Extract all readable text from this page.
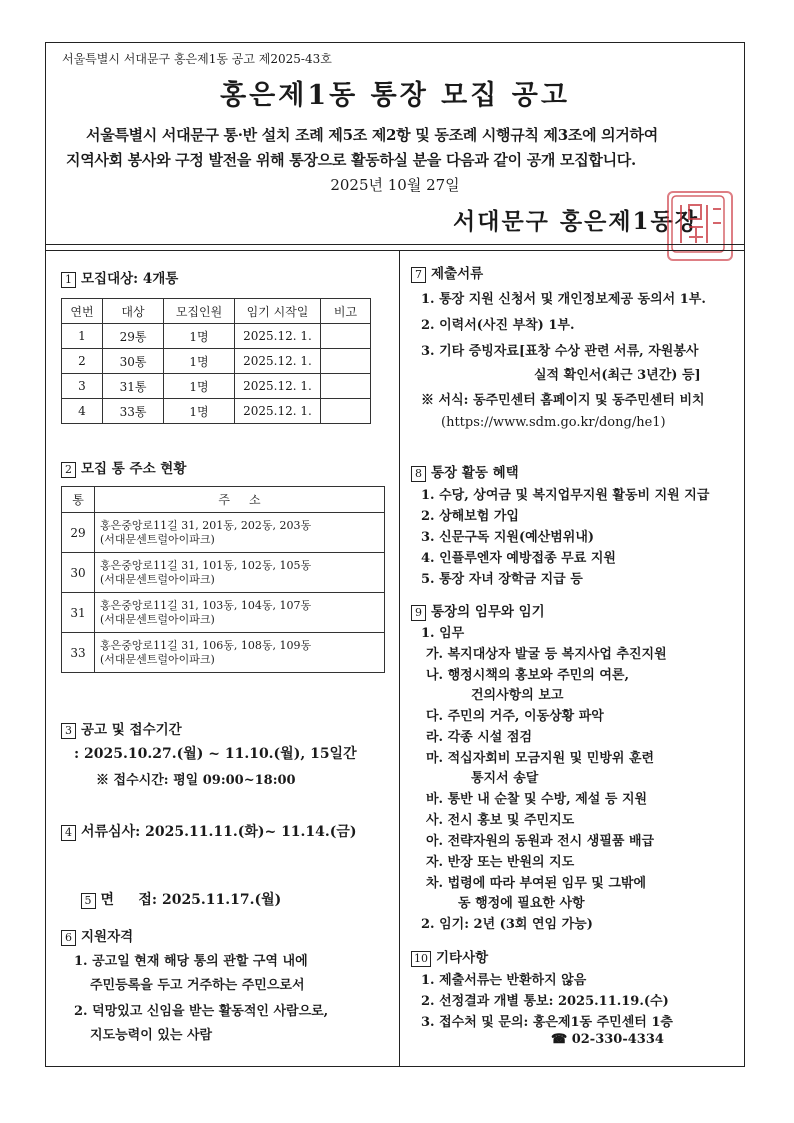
서울특별시 서대문구 홍은제1동 공고 제2025-43호
홍은제1동 통장 모집 공고
서울특별시 서대문구 통·반 설치 조례 제5조 제2항 및 동조례 시행규칙 제3조에 의거하여
지역사회 봉사와 구정 발전을 위해 통장으로 활동하실 분을 다음과 같이 공개 모집합니다.
2025년 10월 27일
서대문구 홍은제1동장
1 모집대상: 4개통
연번	대상	모집인원	임기 시작일	비고
1	29통	1명	2025.12. 1.	
2	30통	1명	2025.12. 1.	
3	31통	1명	2025.12. 1.	
4	33통	1명	2025.12. 1.	
2 모집 통 주소 현황
통	주     소
29	홍은중앙로11길 31, 201동, 202동, 203동
(서대문센트럴아이파크)

30	홍은중앙로11길 31, 101동, 102동, 105동
(서대문센트럴아이파크)

31	홍은중앙로11길 31, 103동, 104동, 107동
(서대문센트럴아이파크)

33	홍은중앙로11길 31, 106동, 108동, 109동
(서대문센트럴아이파크)
3 공고 및 접수기간
: 2025.10.27.(월) ~ 11.10.(월), 15일간
※ 접수시간: 평일 09:00~18:00
4 서류심사: 2025.11.11.(화)~ 11.14.(금)

5 면     접: 2025.11.17.(월)

6 지원자격
1. 공고일 현재 해당 통의 관할 구역 내에
주민등록을 두고 거주하는 주민으로서
2. 덕망있고 신임을 받는 활동적인 사람으로,
지도능력이 있는 사람
7 제출서류
1. 통장 지원 신청서 및 개인정보제공 동의서 1부.
2. 이력서(사진 부착) 1부.
3. 기타 증빙자료[표창 수상 관련 서류, 자원봉사
실적 확인서(최근 3년간) 등]
※ 서식: 동주민센터 홈페이지 및 동주민센터 비치
(https://www.sdm.go.kr/dong/he1)
8 통장 활동 혜택
1. 수당, 상여금 및 복지업무지원 활동비 지원 지급
2. 상해보험 가입
3. 신문구독 지원(예산범위내)
4. 인플루엔자 예방접종 무료 지원
5. 통장 자녀 장학금 지급 등
9 통장의 임무와 임기
1. 임무
가. 복지대상자 발굴 등 복지사업 추진지원
나. 행정시책의 홍보와 주민의 여론,
건의사항의 보고
다. 주민의 거주, 이동상황 파악
라. 각종 시설 점검
마. 적십자회비 모금지원 및 민방위 훈련
통지서 송달
바. 통반 내 순찰 및 수방, 제설 등 지원
사. 전시 홍보 및 주민지도
아. 전략자원의 동원과 전시 생필품 배급
자. 반장 또는 반원의 지도
차. 법령에 따라 부여된 임무 및 그밖에
동 행정에 필요한 사항
2. 임기: 2년 (3회 연임 가능)
10 기타사항
1. 제출서류는 반환하지 않음
2. 선정결과 개별 통보: 2025.11.19.(수)
3. 접수처 및 문의: 홍은제1동 주민센터 1층
☎ 02-330-4334
